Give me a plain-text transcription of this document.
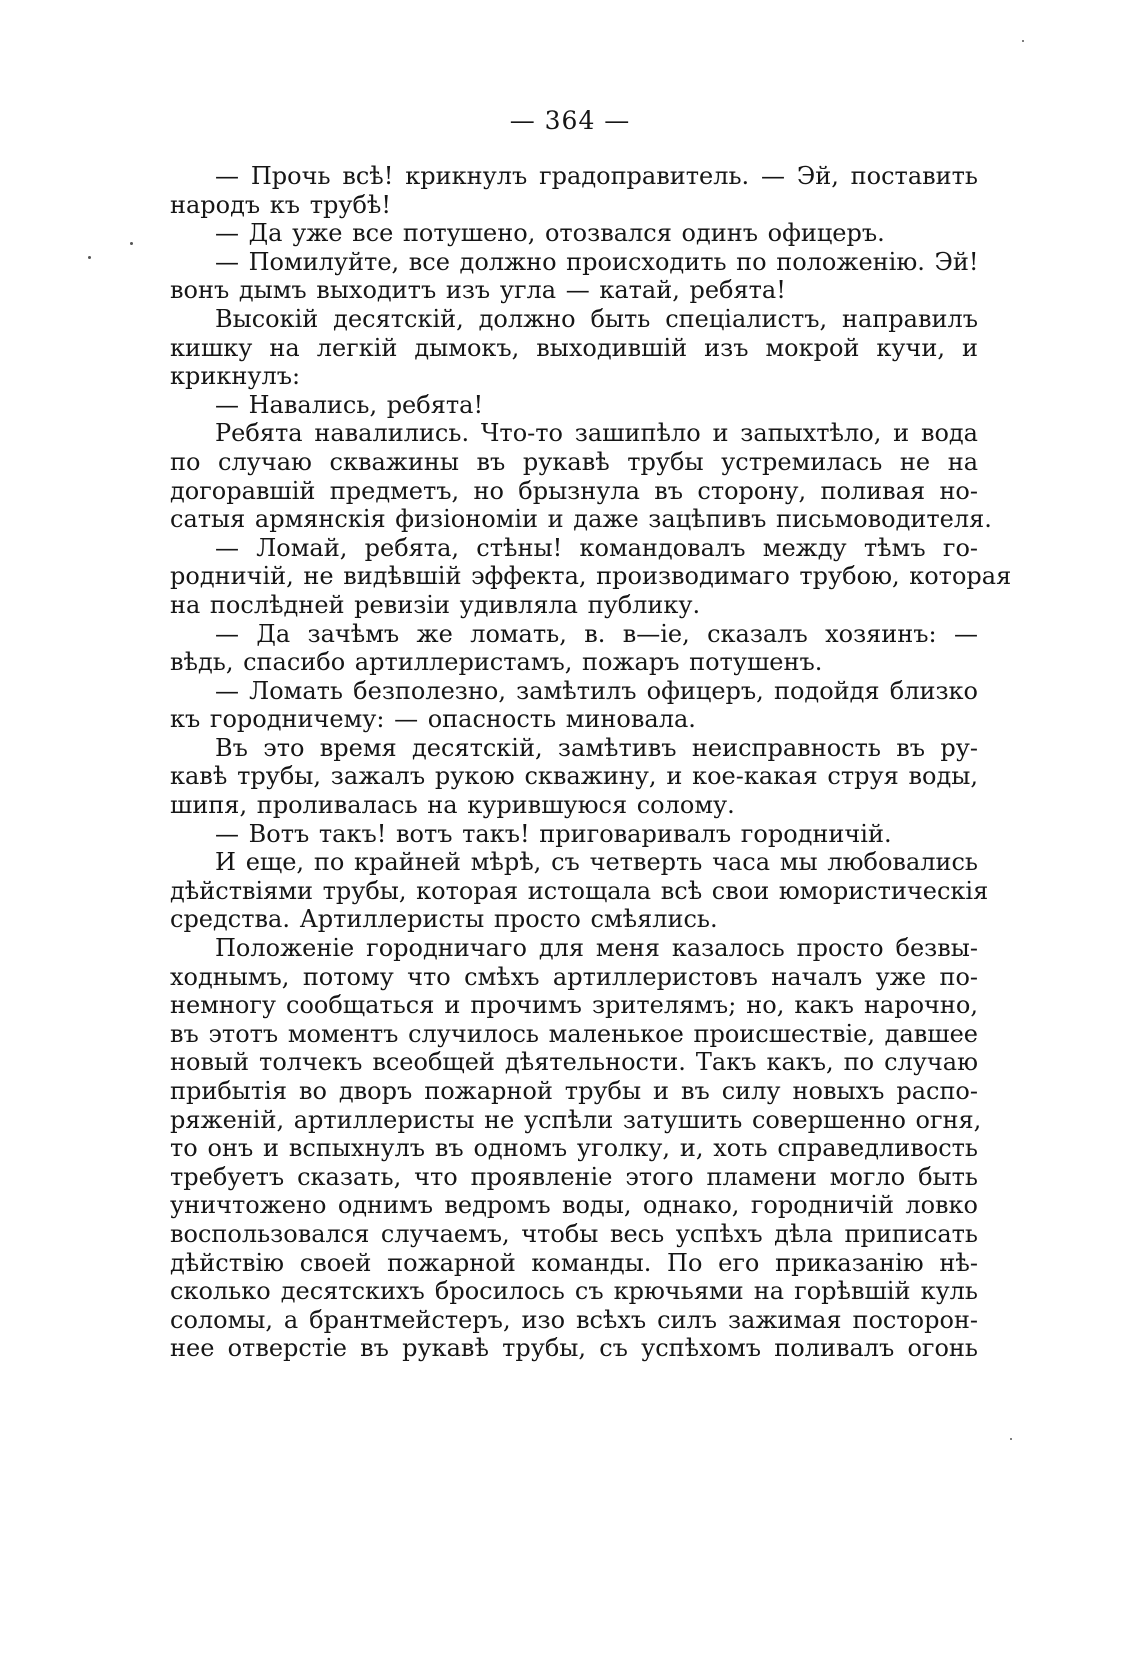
— 364 —
— Прочь всѣ! крикнулъ градоправитель. — Эй, поставить
народъ къ трубѣ!
— Да уже все потушено, отозвался одинъ офицеръ.
— Помилуйте, все должно происходить по положенію. Эй!
вонъ дымъ выходитъ изъ угла — катай, ребята!
Высокій десятскій, должно быть спеціалистъ, направилъ
кишку на легкій дымокъ, выходившій изъ мокрой кучи, и
крикнулъ:
— Навались, ребята!
Ребята навалились. Что-то зашипѣло и запыхтѣло, и вода
по случаю скважины въ рукавѣ трубы устремилась не на
догоравшій предметъ, но брызнула въ сторону, поливая но-
сатыя армянскія физіономіи и даже зацѣпивъ письмоводителя.
— Ломай, ребята, стѣны! командовалъ между тѣмъ го-
родничій, не видѣвшій эффекта, производимаго трубою, которая
на послѣдней ревизіи удивляла публику.
— Да зачѣмъ же ломать, в. в—іе, сказалъ хозяинъ: —
вѣдь, спасибо артиллеристамъ, пожаръ потушенъ.
— Ломать безполезно, замѣтилъ офицеръ, подойдя близко
къ городничему: — опасность миновала.
Въ это время десятскій, замѣтивъ неисправность въ ру-
кавѣ трубы, зажалъ рукою скважину, и кое-какая струя воды,
шипя, проливалась на курившуюся солому.
— Вотъ такъ! вотъ такъ! приговаривалъ городничій.
И еще, по крайней мѣрѣ, съ четверть часа мы любовались
дѣйствіями трубы, которая истощала всѣ свои юмористическія
средства. Артиллеристы просто смѣялись.
Положеніе городничаго для меня казалось просто безвы-
ходнымъ, потому что смѣхъ артиллеристовъ началъ уже по-
немногу сообщаться и прочимъ зрителямъ; но, какъ нарочно,
въ этотъ моментъ случилось маленькое происшествіе, давшее
новый толчекъ всеобщей дѣятельности. Такъ какъ, по случаю
прибытія во дворъ пожарной трубы и въ силу новыхъ распо-
ряженій, артиллеристы не успѣли затушить совершенно огня,
то онъ и вспыхнулъ въ одномъ уголку, и, хоть справедливость
требуетъ сказать, что проявленіе этого пламени могло быть
уничтожено однимъ ведромъ воды, однако, городничій ловко
воспользовался случаемъ, чтобы весь успѣхъ дѣла приписать
дѣйствію своей пожарной команды. По его приказанію нѣ-
сколько десятскихъ бросилось съ крючьями на горѣвшій куль
соломы, а брантмейстеръ, изо всѣхъ силъ зажимая посторон-
нее отверстіе въ рукавѣ трубы, съ успѣхомъ поливалъ огонь
